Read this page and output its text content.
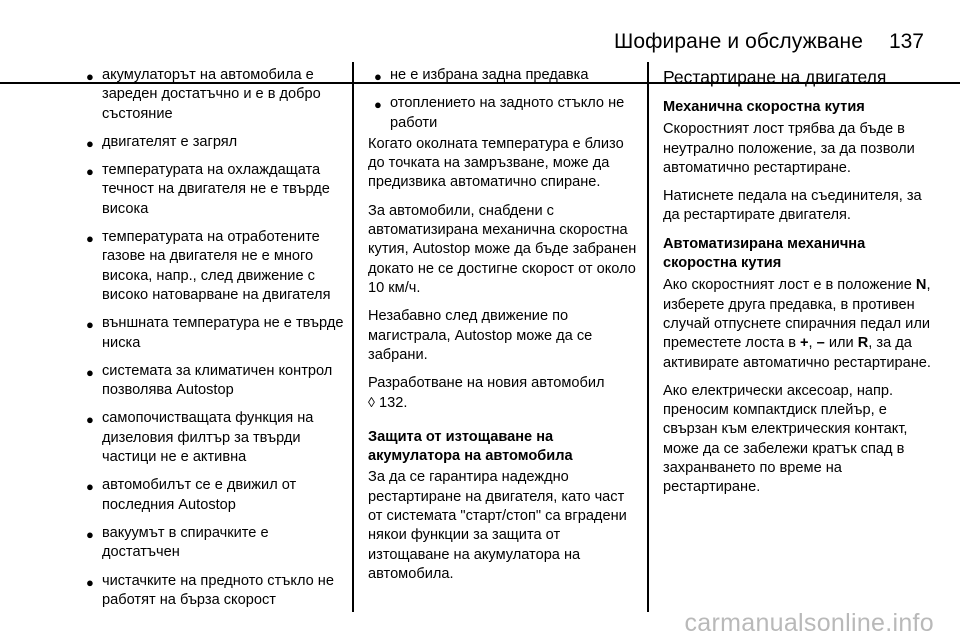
Шофиране и обслужване 137
● акумулаторът на автомобила е зареден достатъчно и е в добро състояние
● двигателят е загрял
● температурата на охлаждащата течност на двигателя не е твърде висока
● температурата на отработените газове на двигателя не е много висока, напр., след движение с високо натоварване на двигателя
● външната температура не е твърде ниска
● системата за климатичен контрол позволява Autostop
● самопочистващата функция на дизеловия филтър за твърди частици не е активна
● автомобилът се е движил от последния Autostop
● вакуумът в спирачките е достатъчен
● чистачките на предното стъкло не работят на бърза скорост
● не е избрана задна предавка
● отоплението на задното стъкло не работи

Когато околната температура е близо до точката на замръзване, може да предизвика автоматично спиране.

За автомобили, снабдени с автоматизирана механична скоростна кутия, Autostop може да бъде забранен докато не се достигне скорост от около 10 км/ч.

Незабавно след движение по магистрала, Autostop може да се забрани.

Разработване на новия автомобил
◊ 132.

Защита от изтощаване на акумулатора на автомобила

За да се гарантира надеждно рестартиране на двигателя, като част от системата "старт/стоп" са вградени някои функции за защита от изтощаване на акумулатора на автомобила.

Рестартиране на двигателя
Механична скоростна кутия

Скоростният лост трябва да бъде в неутрално положение, за да позволи автоматично рестартиране.

Натиснете педала на съединителя, за да рестартирате двигателя.

Автоматизирана механична скоростна кутия

Ако скоростният лост е в положение N, изберете друга предавка, в противен случай отпуснете спирачния педал или преместете лоста в +, – или R, за да активирате автоматично рестартиране.

Ако електрически аксесоар, напр. преносим компактдиск плейър, е свързан към електрическия контакт, може да се забележи кратък спад в захранването по време на рестартиране.

carmanualsonline.info
